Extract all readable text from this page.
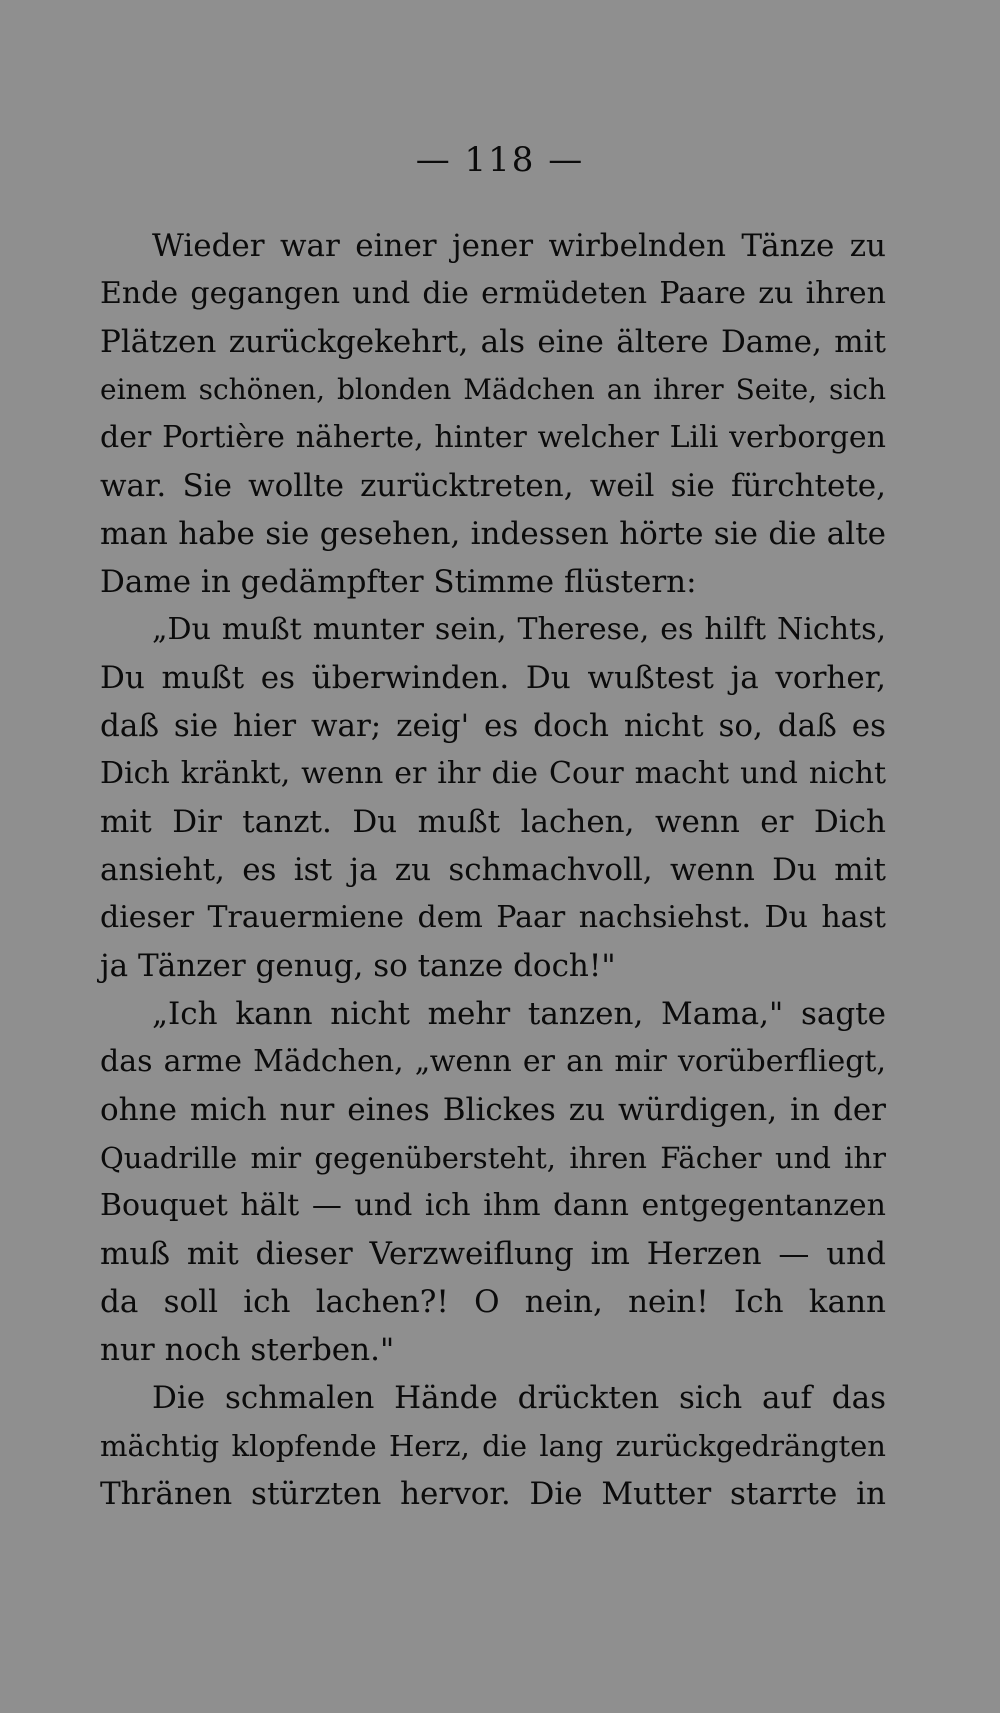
— 118 —
Wieder war einer jener wirbelnden Tänze zu
Ende gegangen und die ermüdeten Paare zu ihren
Plätzen zurückgekehrt, als eine ältere Dame, mit
einem schönen, blonden Mädchen an ihrer Seite, sich
der Portière näherte, hinter welcher Lili verborgen
war. Sie wollte zurücktreten, weil sie fürchtete,
man habe sie gesehen, indessen hörte sie die alte
Dame in gedämpfter Stimme flüstern:
„Du mußt munter sein, Therese, es hilft Nichts,
Du mußt es überwinden. Du wußtest ja vorher,
daß sie hier war; zeig' es doch nicht so, daß es
Dich kränkt, wenn er ihr die Cour macht und nicht
mit Dir tanzt. Du mußt lachen, wenn er Dich
ansieht, es ist ja zu schmachvoll, wenn Du mit
dieser Trauermiene dem Paar nachsiehst. Du hast
ja Tänzer genug, so tanze doch!"
„Ich kann nicht mehr tanzen, Mama," sagte
das arme Mädchen, „wenn er an mir vorüberfliegt,
ohne mich nur eines Blickes zu würdigen, in der
Quadrille mir gegenübersteht, ihren Fächer und ihr
Bouquet hält — und ich ihm dann entgegentanzen
muß mit dieser Verzweiflung im Herzen — und
da soll ich lachen?! O nein, nein! Ich kann
nur noch sterben."
Die schmalen Hände drückten sich auf das
mächtig klopfende Herz, die lang zurückgedrängten
Thränen stürzten hervor. Die Mutter starrte in
